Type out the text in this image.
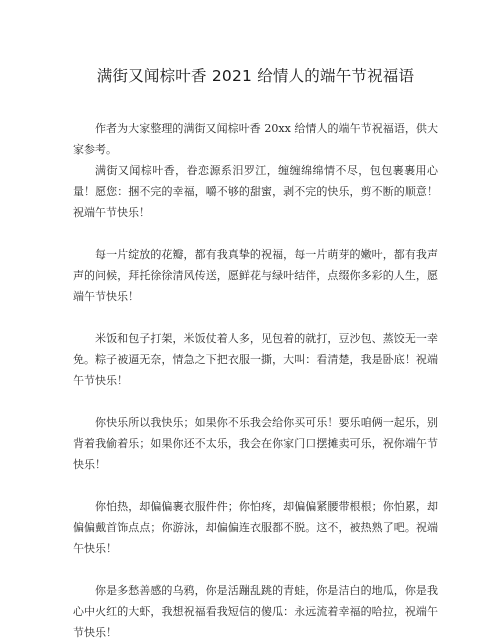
满街又闻棕叶香 2021 给情人的端午节祝福语

作者为大家整理的满街又闻棕叶香 20xx 给情人的端午节祝福语，供大家参考。

满街又闻棕叶香，眷恋源系汨罗江，缠缠绵绵情不尽，包包裹裹用心量！愿您：捆不完的幸福，嚼不够的甜蜜，剥不完的快乐，剪不断的顺意！祝端午节快乐！

每一片绽放的花瓣，都有我真挚的祝福，每一片萌芽的嫩叶，都有我声声的问候，拜托徐徐清风传送，愿鲜花与绿叶结伴，点缀你多彩的人生，愿端午节快乐！

米饭和包子打架，米饭仗着人多，见包着的就打，豆沙包、蒸饺无一幸免。粽子被逼无奈，情急之下把衣服一撕，大叫：看清楚，我是卧底！祝端午节快乐！

你快乐所以我快乐；如果你不乐我会给你买可乐！要乐咱俩一起乐，别背着我偷着乐；如果你还不太乐，我会在你家门口摆摊卖可乐，祝你端午节快乐！

你怕热，却偏偏裹衣服件件；你怕疼，却偏偏紧腰带根根；你怕累，却偏偏戴首饰点点；你游泳，却偏偏连衣服都不脱。这不，被热熟了吧。祝端午快乐！

你是多愁善感的乌鸦，你是活蹦乱跳的青蛙，你是洁白的地瓜，你是我心中火红的大虾，我想祝福看我短信的傻瓜：永远流着幸福的哈拉，祝端午节快乐！
